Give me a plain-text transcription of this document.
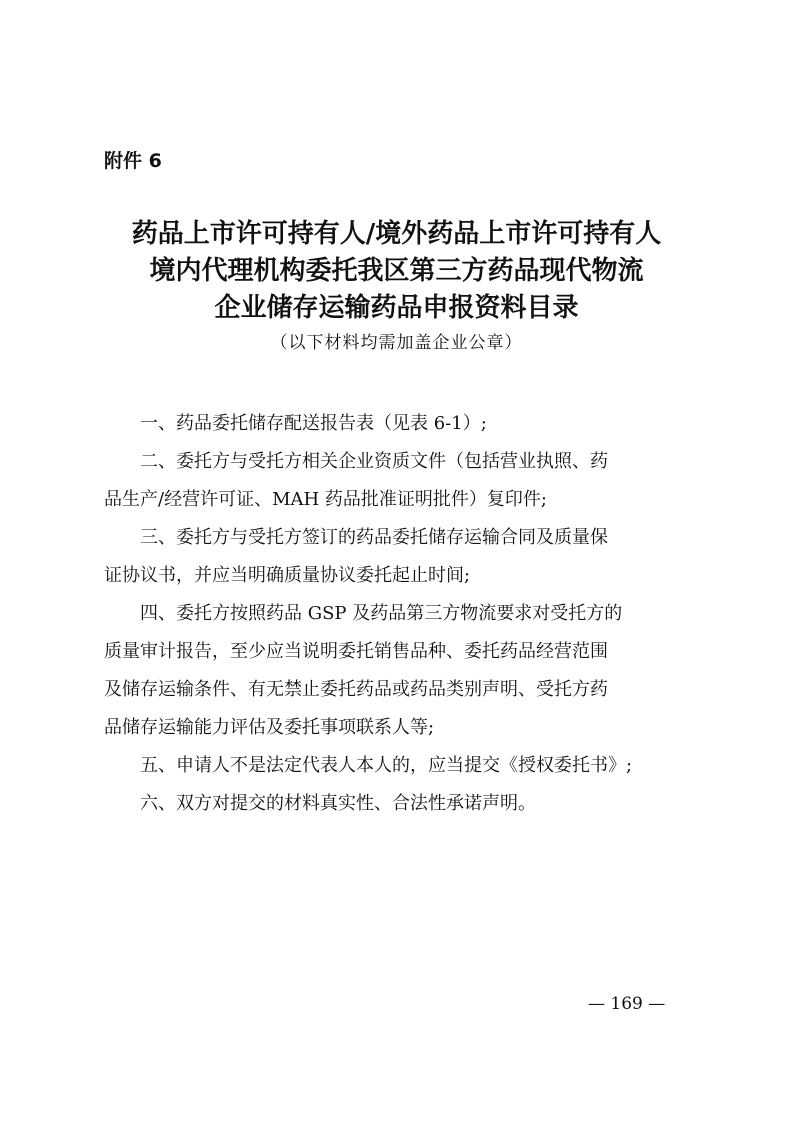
附件 6
药品上市许可持有人/境外药品上市许可持有人
境内代理机构委托我区第三方药品现代物流
企业储存运输药品申报资料目录
（以下材料均需加盖企业公章）

一、药品委托储存配送报告表（见表 6-1）;

二、委托方与受托方相关企业资质文件（包括营业执照、药
品生产/经营许可证、MAH 药品批准证明批件）复印件;

三、委托方与受托方签订的药品委托储存运输合同及质量保
证协议书，并应当明确质量协议委托起止时间;

四、委托方按照药品 GSP 及药品第三方物流要求对受托方的
质量审计报告，至少应当说明委托销售品种、委托药品经营范围
及储存运输条件、有无禁止委托药品或药品类别声明、受托方药
品储存运输能力评估及委托事项联系人等;

五、申请人不是法定代表人本人的，应当提交《授权委托书》;

六、双方对提交的材料真实性、合法性承诺声明。

— 169 —
